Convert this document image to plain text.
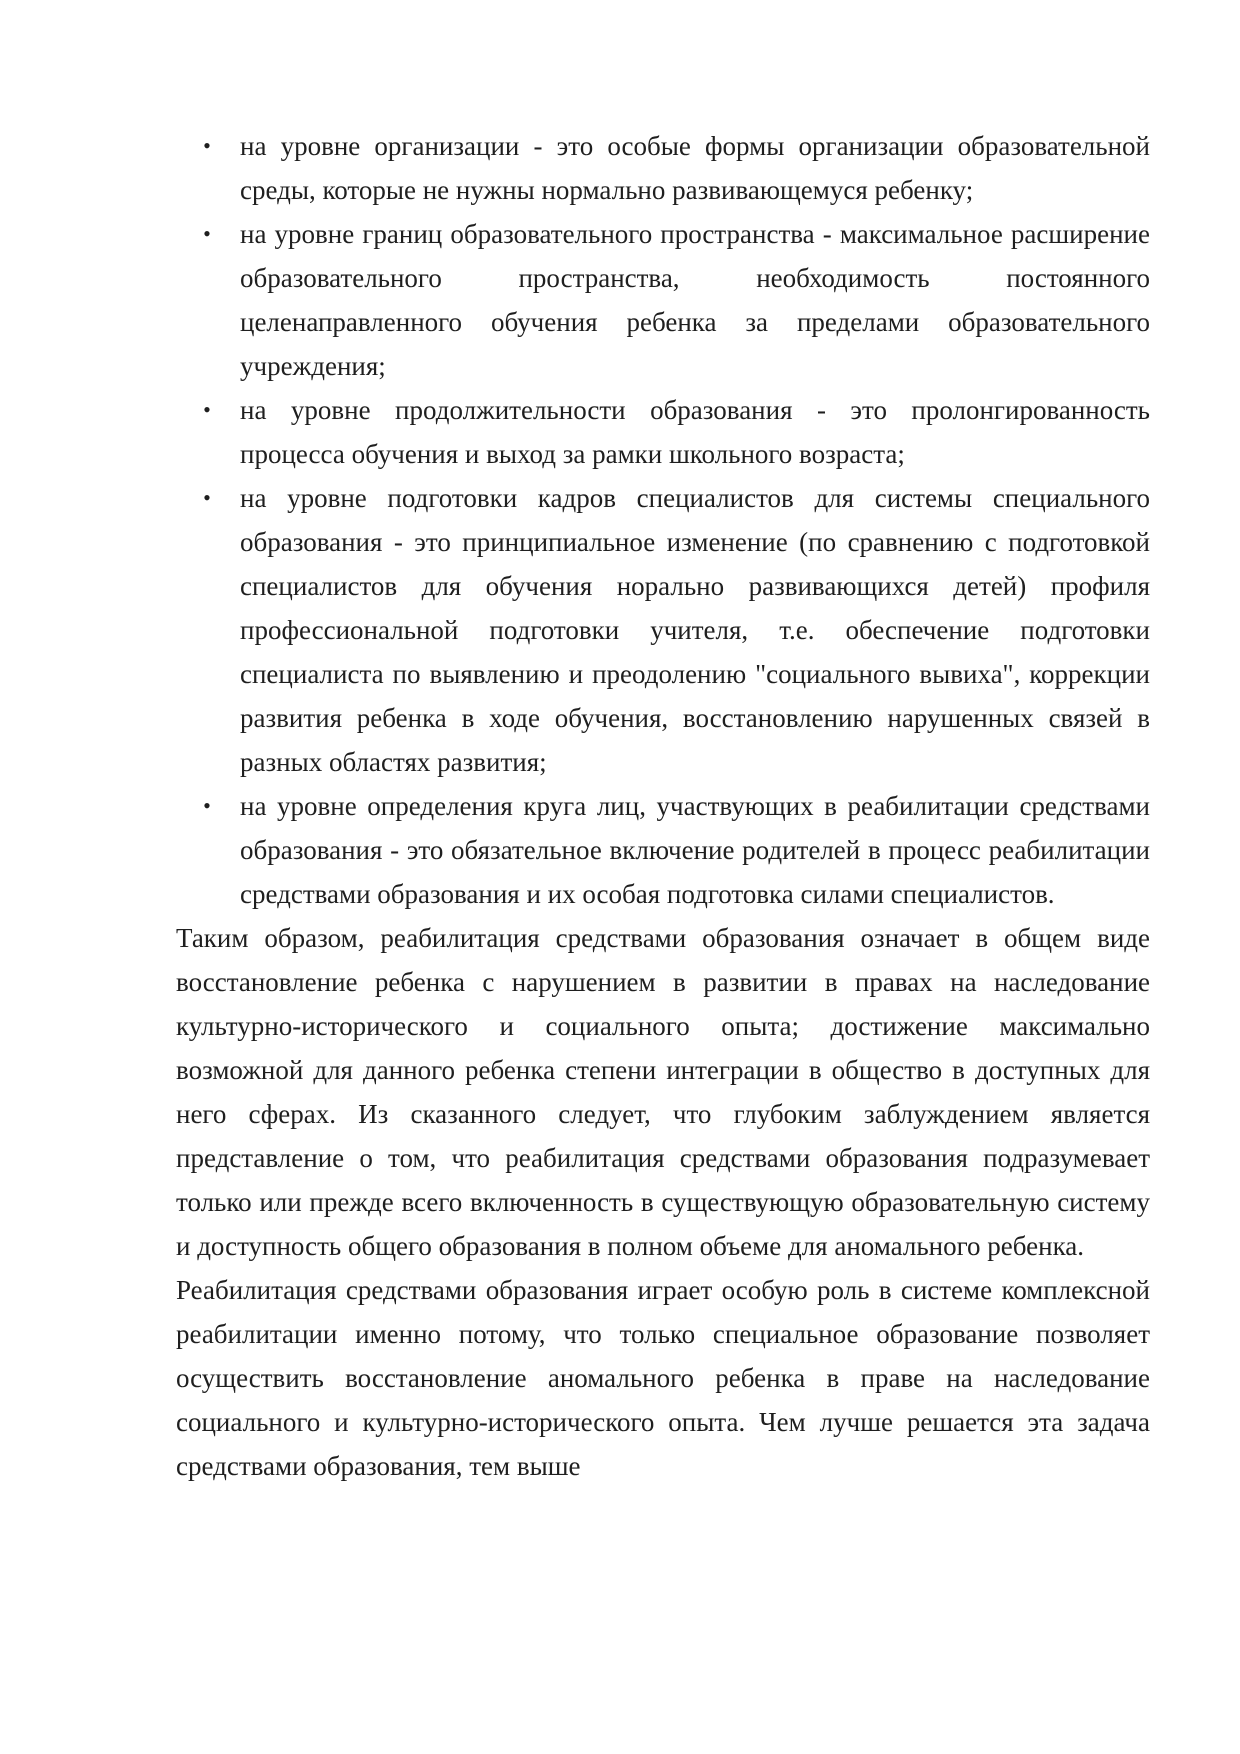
• на уровне организации - это особые формы организации образовательной среды, которые не нужны нормально развивающемуся ребенку;
• на уровне границ образовательного пространства - максимальное расширение образовательного пространства, необходимость постоянного целенаправленного обучения ребенка за пределами образовательного учреждения;
• на уровне продолжительности образования - это пролонгированность процесса обучения и выход за рамки школьного возраста;
• на уровне подготовки кадров специалистов для системы специального образования - это принципиальное изменение (по сравнению с подготовкой специалистов для обучения норально развивающихся детей) профиля профессиональной подготовки учителя, т.е. обеспечение подготовки специалиста по выявлению и преодолению "социального вывиха", коррекции развития ребенка в ходе обучения, восстановлению нарушенных связей в разных областях развития;
• на уровне определения круга лиц, участвующих в реабилитации средствами образования - это обязательное включение родителей в процесс реабилитации средствами образования и их особая подготовка силами специалистов.

Таким образом, реабилитация средствами образования означает в общем виде восстановление ребенка с нарушением в развитии в правах на наследование культурно-исторического и социального опыта; достижение максимально возможной для данного ребенка степени интеграции в общество в доступных для него сферах. Из сказанного следует, что глубоким заблуждением является представление о том, что реабилитация средствами образования подразумевает только или прежде всего включенность в существующую образовательную систему и доступность общего образования в полном объеме для аномального ребенка.

Реабилитация средствами образования играет особую роль в системе комплексной реабилитации именно потому, что только специальное образование позволяет осуществить восстановление аномального ребенка в праве на наследование социального и культурно-исторического опыта. Чем лучше решается эта задача средствами образования, тем выше
